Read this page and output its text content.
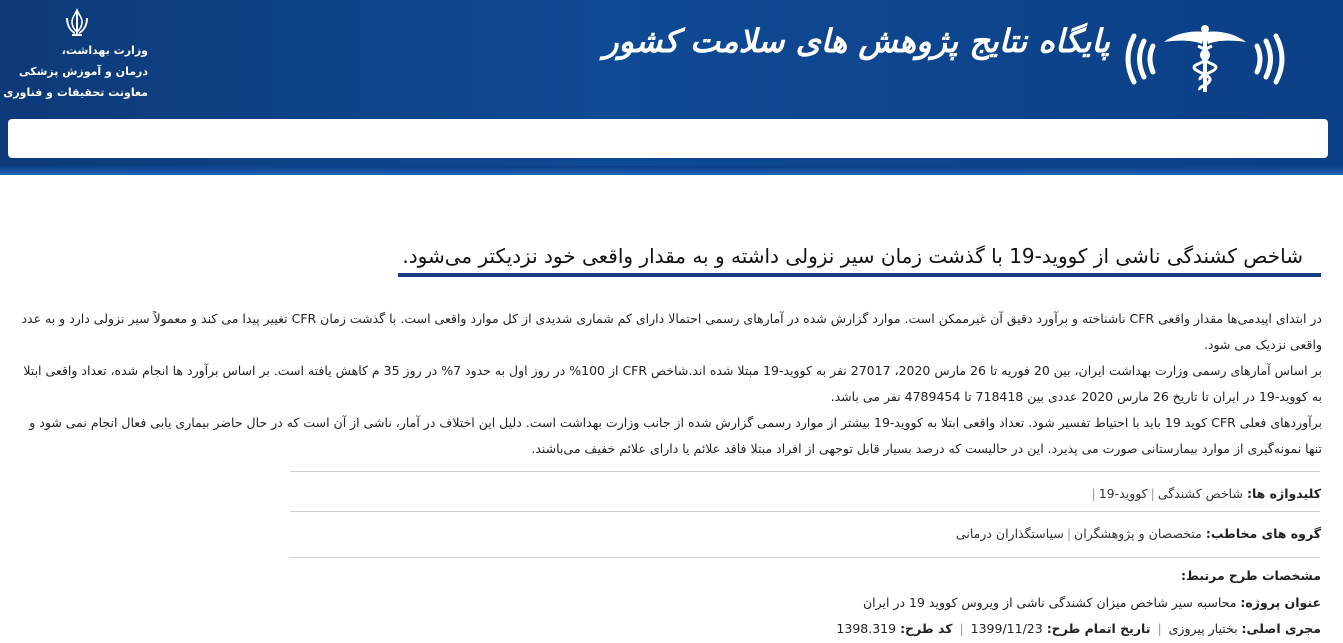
وزارت بهداشت،
درمان و آموزش پزشکی
معاونت تحقیقات و فناوری
پایگاه نتایج پژوهش های سلامت کشور
شاخص کشندگی ناشی از کووید-19 با گذشت زمان سیر نزولی داشته و به مقدار واقعی خود نزدیکتر می‌شود.

در ابتدای اپیدمی‌ها مقدار واقعی CFR ناشناخته و برآورد دقیق آن غیرممکن است. موارد گزارش شده در آمارهای رسمی احتمالا دارای کم شماری شدیدی از کل موارد واقعی است. با گذشت زمان CFR تغییر پیدا می کند و معمولاً سیر نزولی دارد و به عدد واقعی نزدیک می شود.

بر اساس آمارهای رسمی وزارت بهداشت ایران، بین 20 فوریه تا 26 مارس 2020، 27017 نفر به کووید-19 مبتلا شده اند.شاخص CFR از 100% در روز اول به حدود 7% در روز 35 م کاهش یافته است. بر اساس برآورد ها انجام شده، تعداد واقعی ابتلا به کووید-19 در ایران تا تاریخ 26 مارس 2020 عددی بین 718418 تا 4789454 نفر می باشد.

برآوردهای فعلی CFR کوید 19 باید با احتیاط تفسیر شود. تعداد واقعی ابتلا به کووید-19 بیشتر از موارد رسمی گزارش شده از جانب وزارت بهداشت است. دلیل این اختلاف در آمار، ناشی از آن است که در حال حاضر بیماری یابی فعال انجام نمی شود و تنها نمونه‌گیری از موارد بیمارستانی صورت می پذیرد. این در حالیست که درصد بسیار قابل توجهی از افراد مبتلا فاقد علائم یا دارای علائم خفیف می‌باشند.

کلیدواژه ها: شاخص کشندگی|کووید-19|
گروه های مخاطب: متخصصان و پژوهشگران|سیاستگذاران درمانی
مشخصات طرح مرتبط:
عنوان پروژه: محاسبه سیر شاخص میزان کشندگی ناشی از ویروس کووید 19 در ایران
مجری اصلی: بختیار پیروزی | تاریخ اتمام طرح: 1399/11/23 | کد طرح: 1398.319
